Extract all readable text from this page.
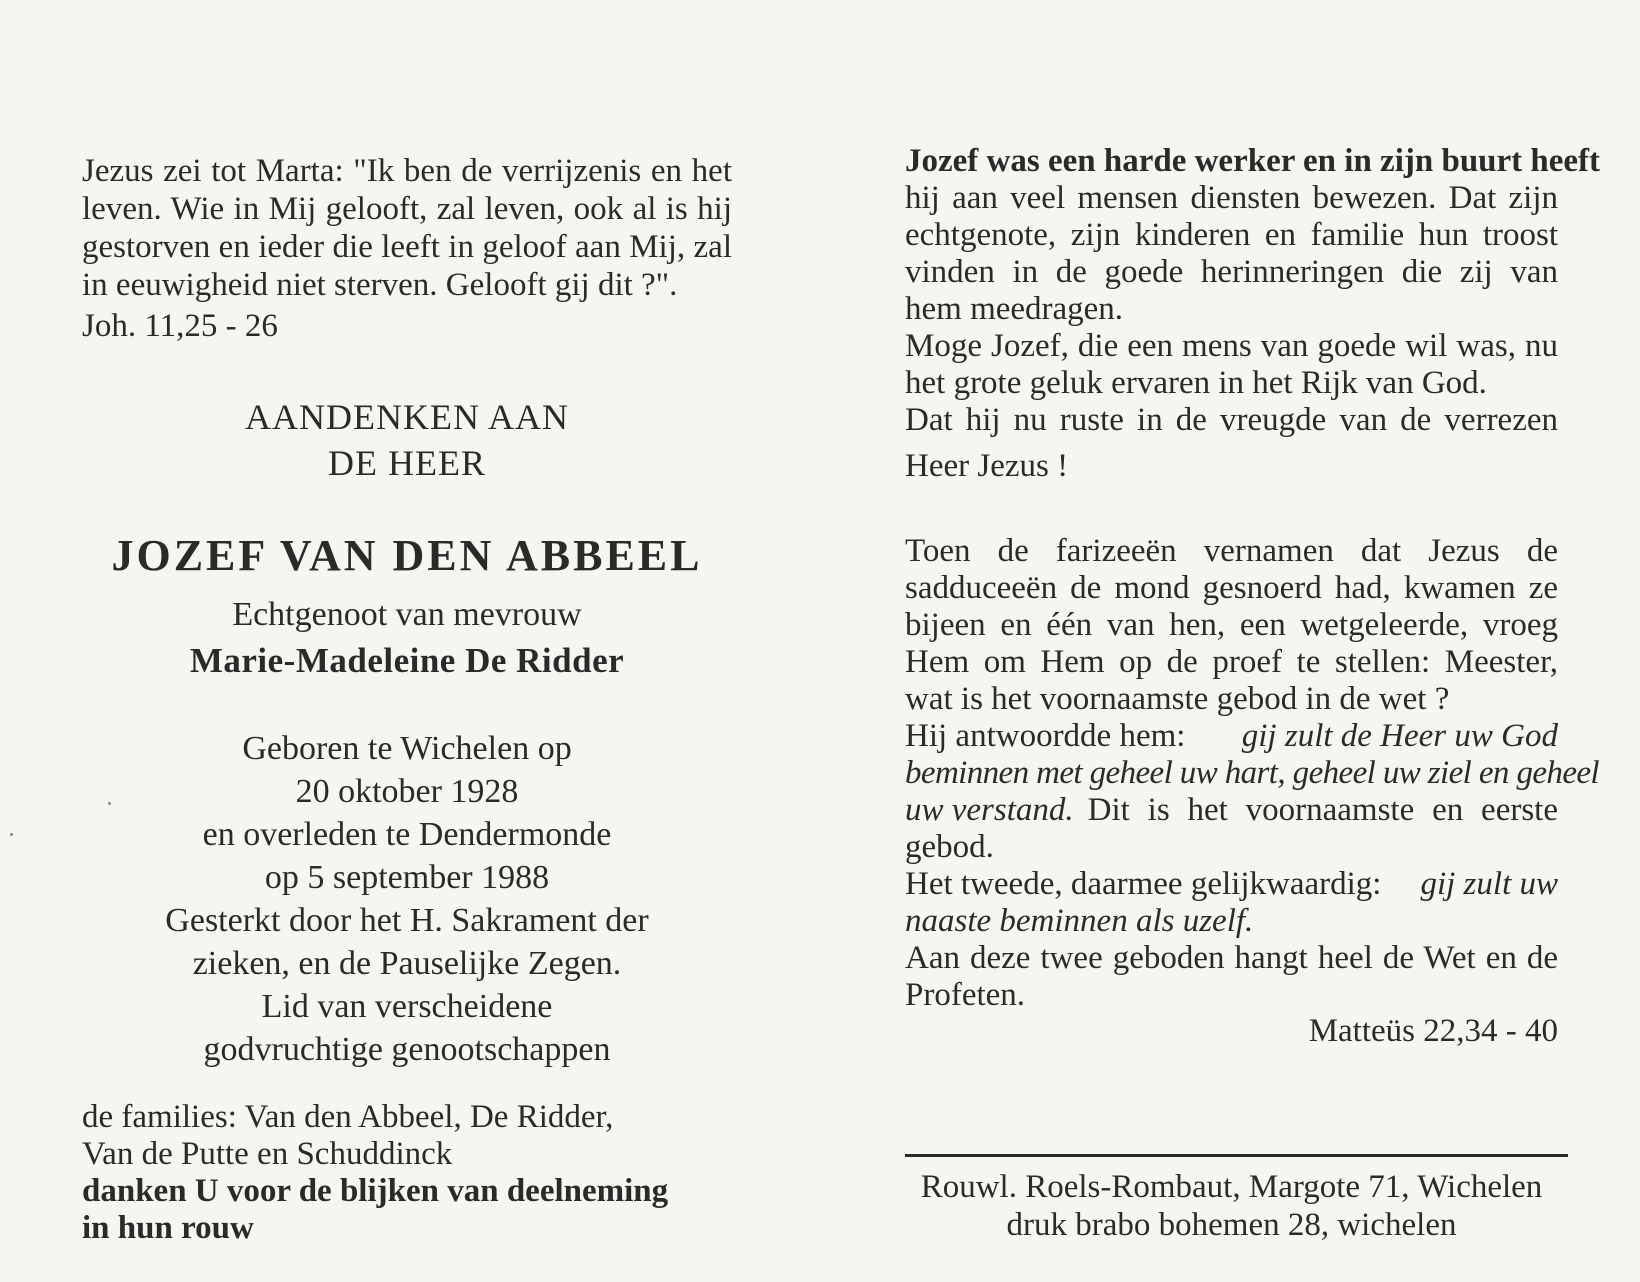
Jezus zei tot Marta: "Ik ben de verrijzenis en het
leven. Wie in Mij gelooft, zal leven, ook al is hij
gestorven en ieder die leeft in geloof aan Mij, zal
in eeuwigheid niet sterven. Gelooft gij dit ?".
Joh. 11,25 - 26
AANDENKEN AAN
DE HEER
JOZEF VAN DEN ABBEEL
Echtgenoot van mevrouw
Marie-Madeleine De Ridder
Geboren te Wichelen op
20 oktober 1928
en overleden te Dendermonde
op 5 september 1988
Gesterkt door het H. Sakrament der
zieken, en de Pauselijke Zegen.
Lid van verscheidene
godvruchtige genootschappen
de families: Van den Abbeel, De Ridder,
Van de Putte en Schuddinck
danken U voor de blijken van deelneming
in hun rouw
Jozef was een harde werker en in zijn buurt heeft
hij aan veel mensen diensten bewezen. Dat zijn
echtgenote, zijn kinderen en familie hun troost
vinden in de goede herinneringen die zij van
hem meedragen.
Moge Jozef, die een mens van goede wil was, nu
het grote geluk ervaren in het Rijk van God.
Dat hij nu ruste in de vreugde van de verrezen
Heer Jezus !
Toen de farizeeën vernamen dat Jezus de
sadduceeën de mond gesnoerd had, kwamen ze
bijeen en één van hen, een wetgeleerde, vroeg
Hem om Hem op de proef te stellen: Meester,
wat is het voornaamste gebod in de wet ?
Hij antwoordde hem: gij zult de Heer uw God
beminnen met geheel uw hart, geheel uw ziel en geheel
uw verstand. Dit is het voornaamste en eerste
gebod.
Het tweede, daarmee gelijkwaardig: gij zult uw
naaste beminnen als uzelf.
Aan deze twee geboden hangt heel de Wet en de
Profeten.
Matteüs 22,34 - 40
Rouwl. Roels-Rombaut, Margote 71, Wichelen
druk brabo bohemen 28, wichelen
